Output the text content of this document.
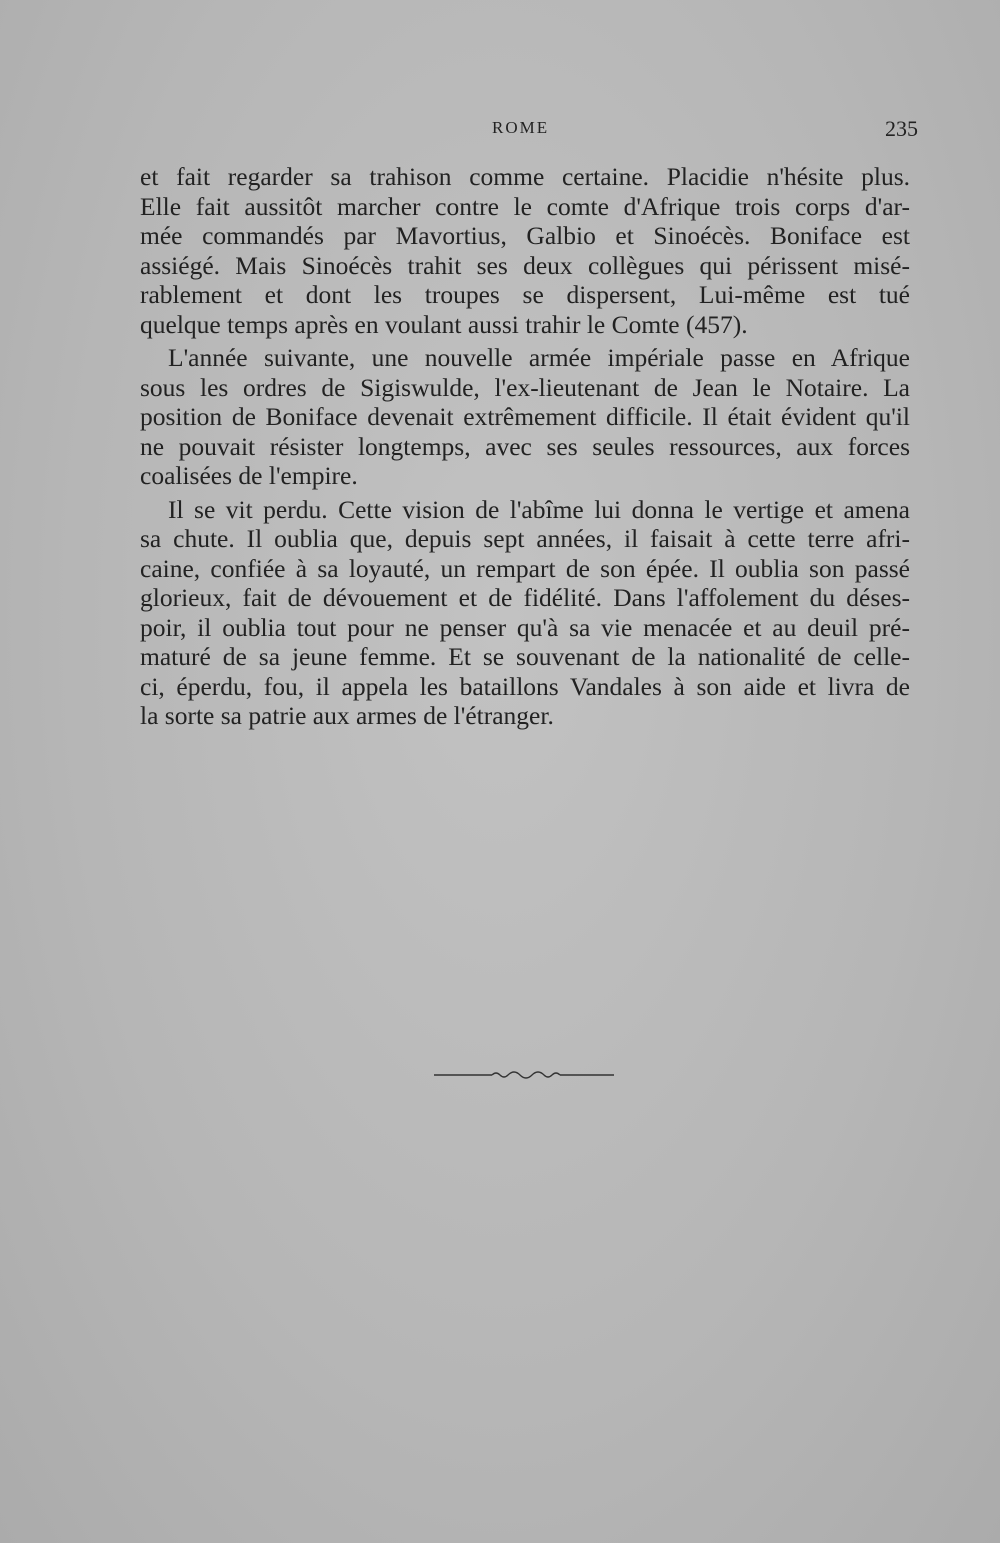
ROME	235
et fait regarder sa trahison comme certaine. Placidie n'hésite plus.
Elle fait aussitôt marcher contre le comte d'Afrique trois corps d'ar-
mée commandés par Mavortius, Galbio et Sinoécès. Boniface est
assiégé. Mais Sinoécès trahit ses deux collègues qui périssent misé-
rablement et dont les troupes se dispersent, Lui-même est tué
quelque temps après en voulant aussi trahir le Comte (457).
L'année suivante, une nouvelle armée impériale passe en Afrique
sous les ordres de Sigiswulde, l'ex-lieutenant de Jean le Notaire. La
position de Boniface devenait extrêmement difficile. Il était évident qu'il
ne pouvait résister longtemps, avec ses seules ressources, aux forces
coalisées de l'empire.
Il se vit perdu. Cette vision de l'abîme lui donna le vertige et amena
sa chute. Il oublia que, depuis sept années, il faisait à cette terre afri-
caine, confiée à sa loyauté, un rempart de son épée. Il oublia son passé
glorieux, fait de dévouement et de fidélité. Dans l'affolement du déses-
poir, il oublia tout pour ne penser qu'à sa vie menacée et au deuil pré-
maturé de sa jeune femme. Et se souvenant de la nationalité de celle-
ci, éperdu, fou, il appela les bataillons Vandales à son aide et livra de
la sorte sa patrie aux armes de l'étranger.
